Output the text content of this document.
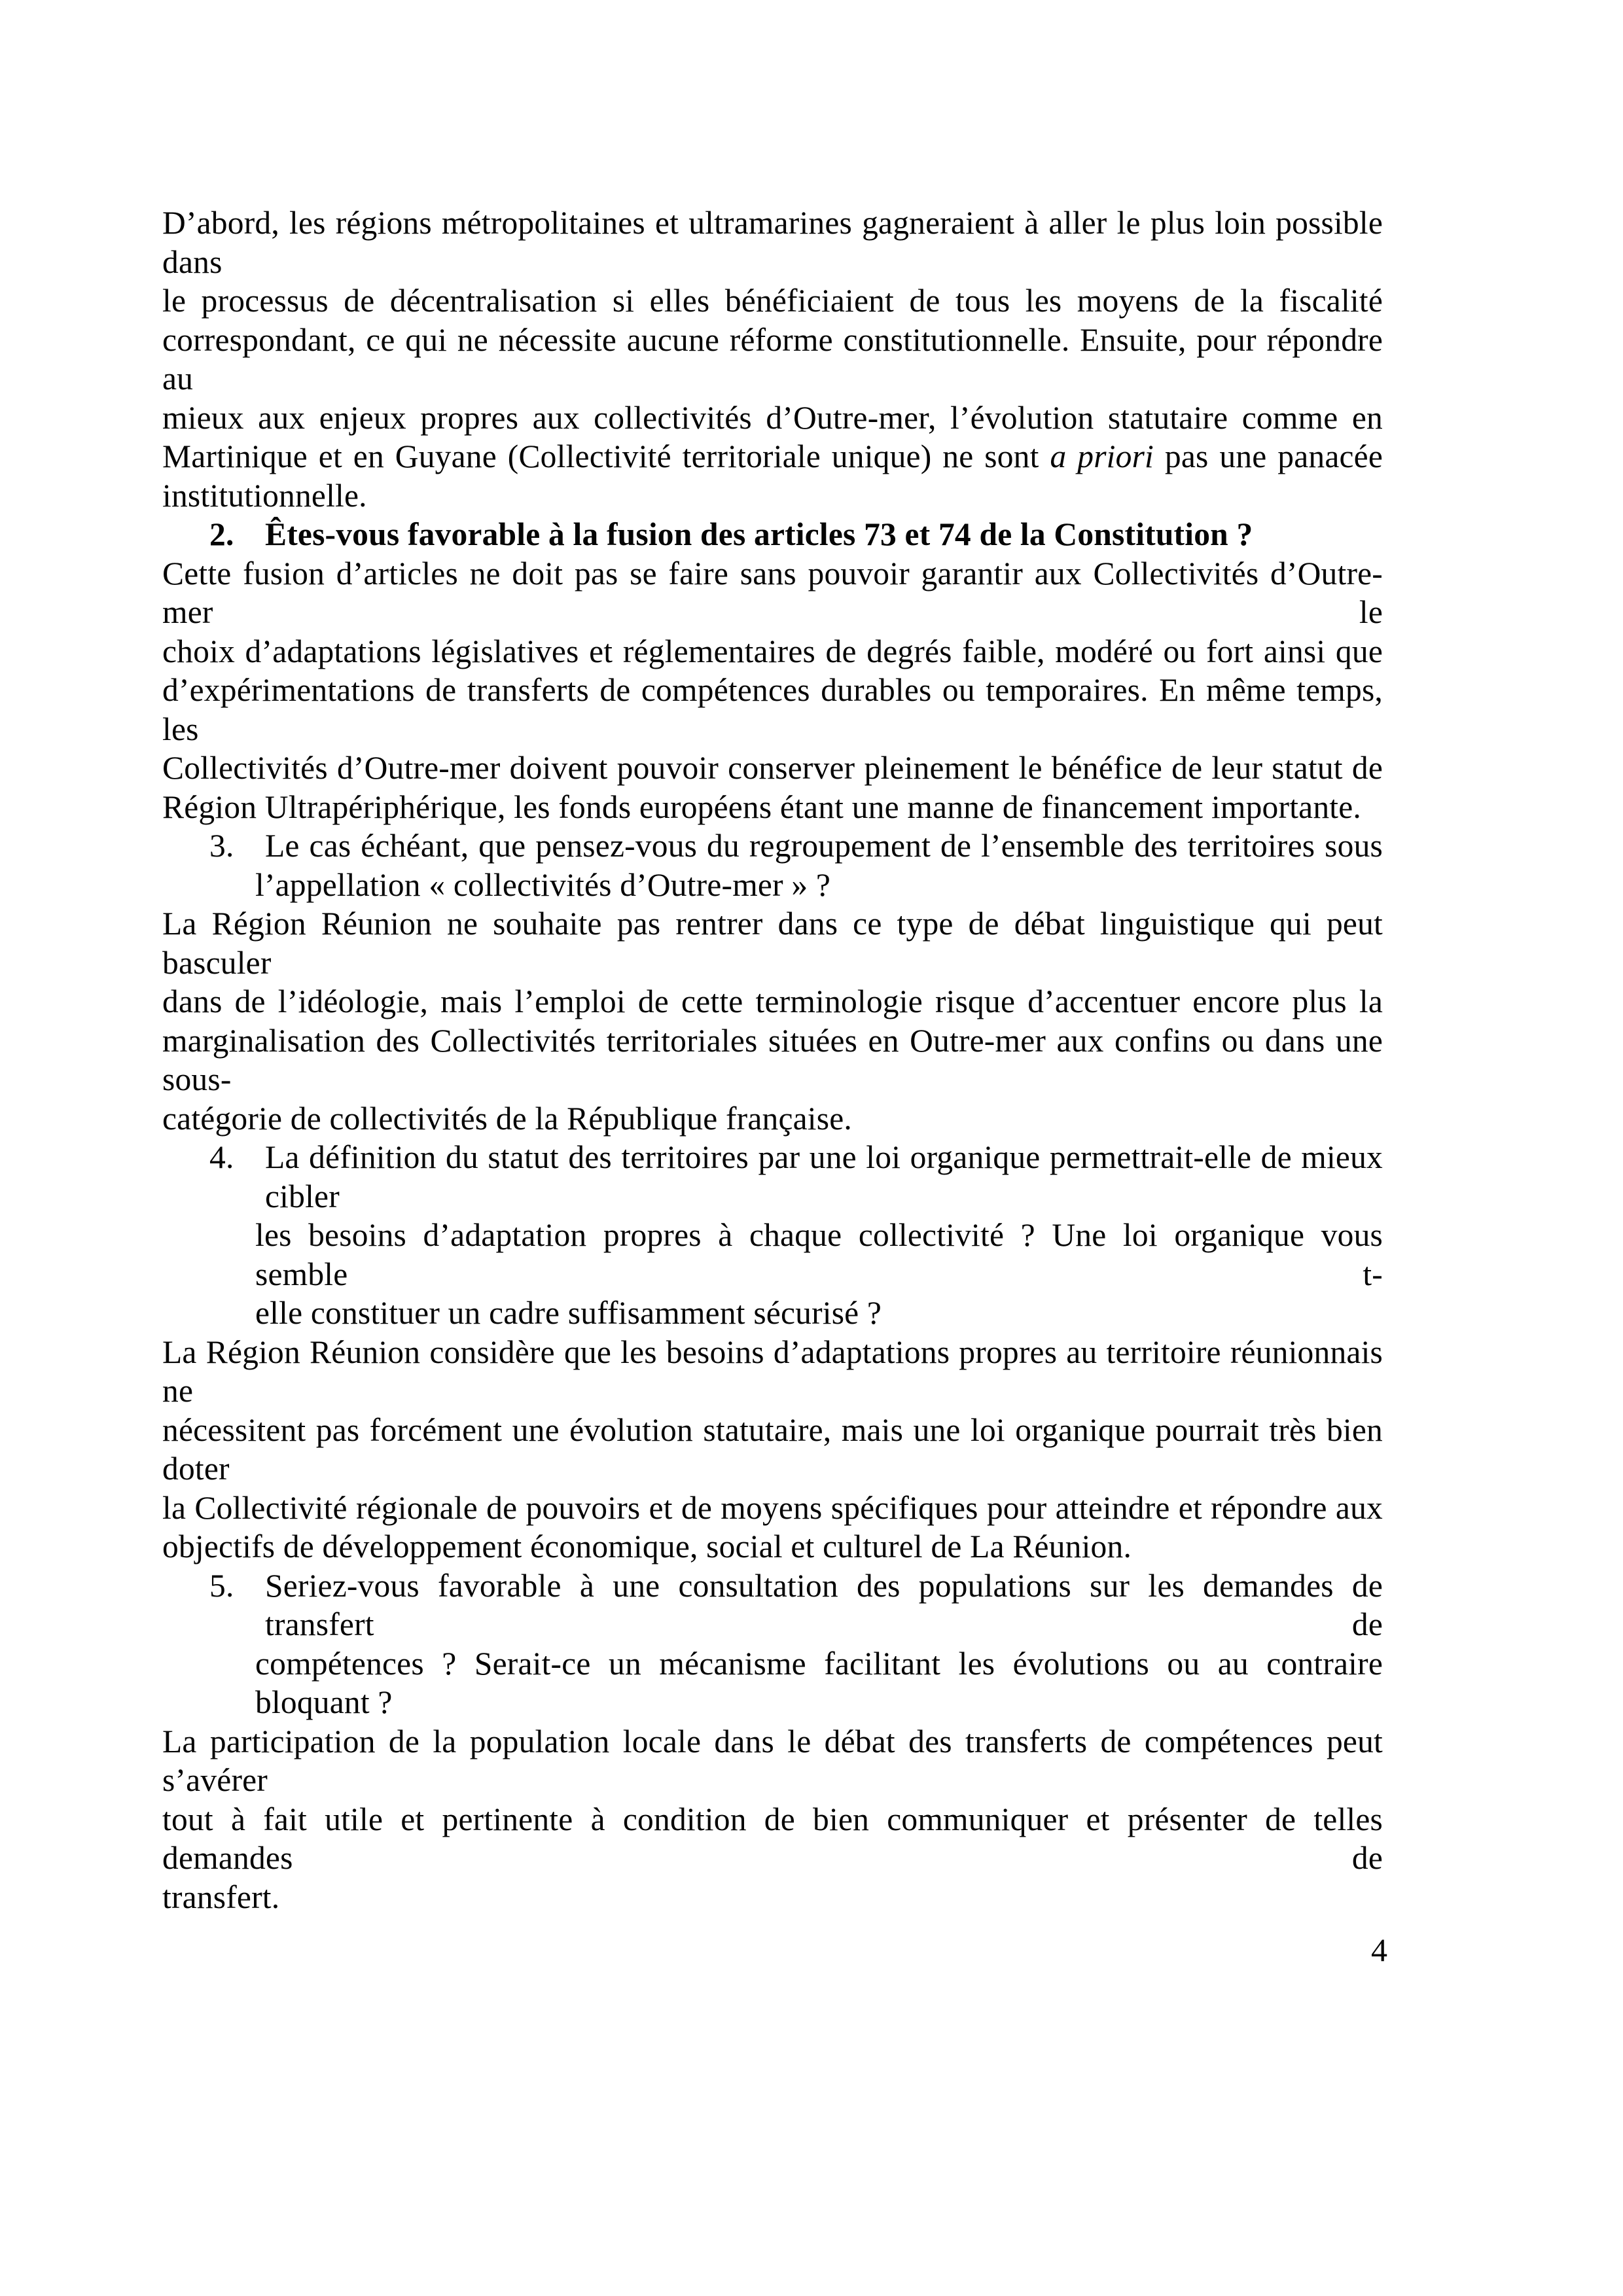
D’abord, les régions métropolitaines et ultramarines gagneraient à aller le plus loin possible dans
le processus de décentralisation si elles bénéficiaient de tous les moyens de la fiscalité
correspondant, ce qui ne nécessite aucune réforme constitutionnelle. Ensuite, pour répondre au
mieux aux enjeux propres aux collectivités d’Outre-mer, l’évolution statutaire comme en
Martinique et en Guyane (Collectivité territoriale unique) ne sont a priori pas une panacée
institutionnelle.
2. Êtes-vous favorable à la fusion des articles 73 et 74 de la Constitution ?
Cette fusion d’articles ne doit pas se faire sans pouvoir garantir aux Collectivités d’Outre-mer le
choix d’adaptations législatives et réglementaires de degrés faible, modéré ou fort ainsi que
d’expérimentations de transferts de compétences durables ou temporaires. En même temps, les
Collectivités d’Outre-mer doivent pouvoir conserver pleinement le bénéfice de leur statut de
Région Ultrapériphérique, les fonds européens étant une manne de financement importante.
3. Le cas échéant, que pensez-vous du regroupement de l’ensemble des territoires sous
l’appellation « collectivités d’Outre-mer » ?
La Région Réunion ne souhaite pas rentrer dans ce type de débat linguistique qui peut basculer
dans de l’idéologie, mais l’emploi de cette terminologie risque d’accentuer encore plus la
marginalisation des Collectivités territoriales situées en Outre-mer aux confins ou dans une sous-
catégorie de collectivités de la République française.
4. La définition du statut des territoires par une loi organique permettrait-elle de mieux cibler
les besoins d’adaptation propres à chaque collectivité ? Une loi organique vous semble t-
elle constituer un cadre suffisamment sécurisé ?
La Région Réunion considère que les besoins d’adaptations propres au territoire réunionnais ne
nécessitent pas forcément une évolution statutaire, mais une loi organique pourrait très bien doter
la Collectivité régionale de pouvoirs et de moyens spécifiques pour atteindre et répondre aux
objectifs de développement économique, social et culturel de La Réunion.
5. Seriez-vous favorable à une consultation des populations sur les demandes de transfert de
compétences ? Serait-ce un mécanisme facilitant les évolutions ou au contraire bloquant ?
La participation de la population locale dans le débat des transferts de compétences peut s’avérer
tout à fait utile et pertinente à condition de bien communiquer et présenter de telles demandes de
transfert.
4
